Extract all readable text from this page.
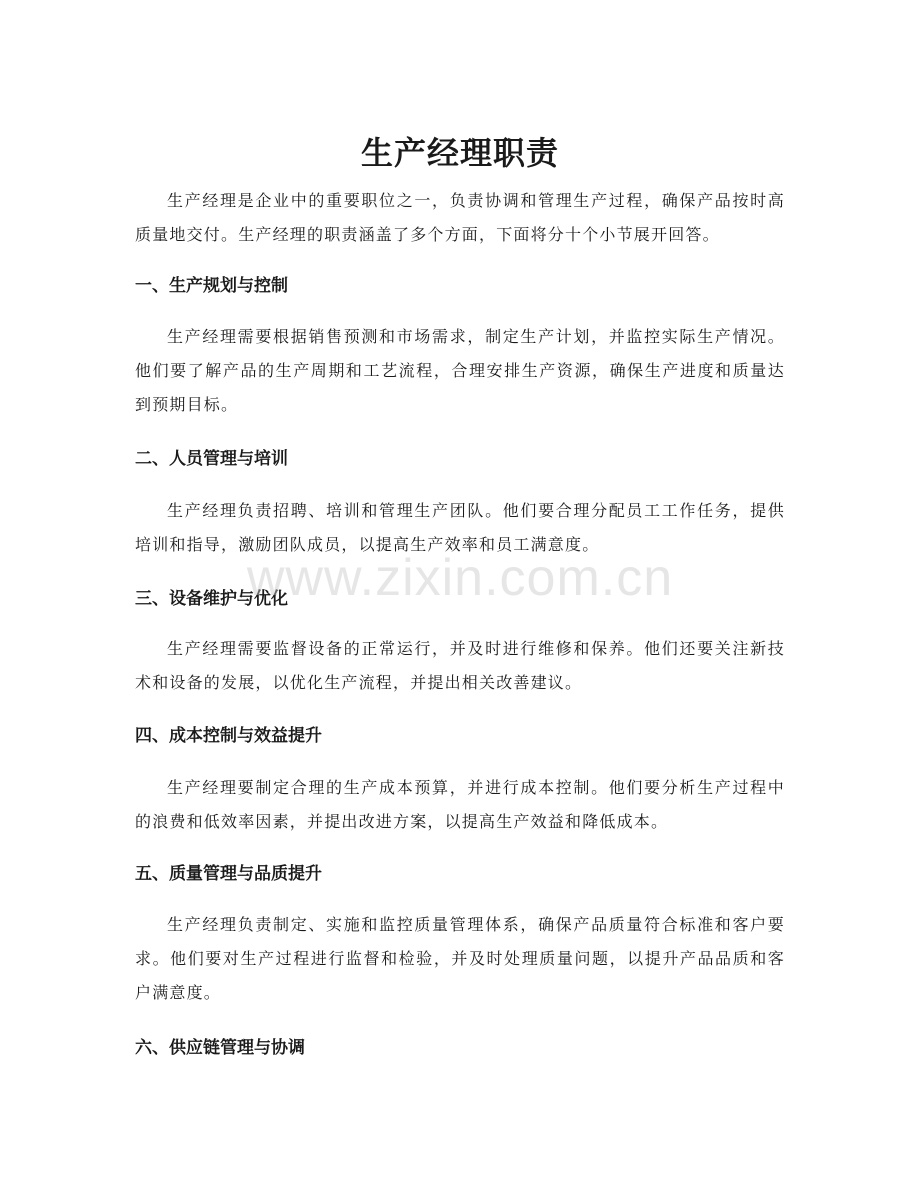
生产经理职责

生产经理是企业中的重要职位之一，负责协调和管理生产过程，确保产品按时高质量地交付。生产经理的职责涵盖了多个方面，下面将分十个小节展开回答。

一、生产规划与控制

生产经理需要根据销售预测和市场需求，制定生产计划，并监控实际生产情况。他们要了解产品的生产周期和工艺流程，合理安排生产资源，确保生产进度和质量达到预期目标。

二、人员管理与培训

生产经理负责招聘、培训和管理生产团队。他们要合理分配员工工作任务，提供培训和指导，激励团队成员，以提高生产效率和员工满意度。

三、设备维护与优化

生产经理需要监督设备的正常运行，并及时进行维修和保养。他们还要关注新技术和设备的发展，以优化生产流程，并提出相关改善建议。

四、成本控制与效益提升

生产经理要制定合理的生产成本预算，并进行成本控制。他们要分析生产过程中的浪费和低效率因素，并提出改进方案，以提高生产效益和降低成本。

五、质量管理与品质提升

生产经理负责制定、实施和监控质量管理体系，确保产品质量符合标准和客户要求。他们要对生产过程进行监督和检验，并及时处理质量问题，以提升产品品质和客户满意度。

六、供应链管理与协调
www.zixin.com.cn
